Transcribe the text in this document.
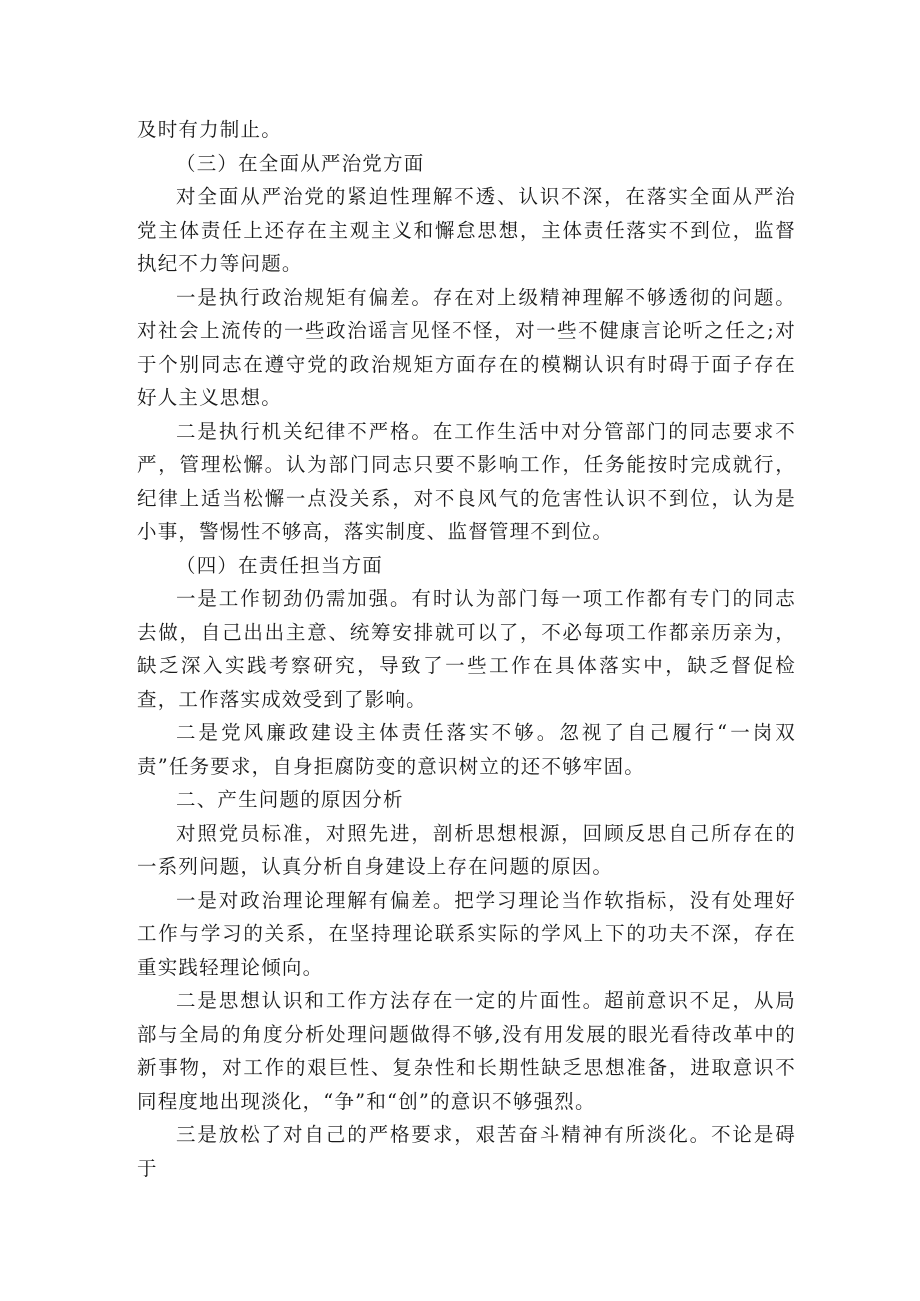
及时有力制止。

（三）在全面从严治党方面

对全面从严治党的紧迫性理解不透、认识不深，在落实全面从严治党主体责任上还存在主观主义和懈怠思想，主体责任落实不到位，监督执纪不力等问题。

一是执行政治规矩有偏差。存在对上级精神理解不够透彻的问题。对社会上流传的一些政治谣言见怪不怪，对一些不健康言论听之任之;对于个别同志在遵守党的政治规矩方面存在的模糊认识有时碍于面子存在好人主义思想。

二是执行机关纪律不严格。在工作生活中对分管部门的同志要求不严，管理松懈。认为部门同志只要不影响工作，任务能按时完成就行，纪律上适当松懈一点没关系，对不良风气的危害性认识不到位，认为是小事，警惕性不够高，落实制度、监督管理不到位。

（四）在责任担当方面

一是工作韧劲仍需加强。有时认为部门每一项工作都有专门的同志去做，自己出出主意、统筹安排就可以了，不必每项工作都亲历亲为，缺乏深入实践考察研究，导致了一些工作在具体落实中，缺乏督促检查，工作落实成效受到了影响。

二是党风廉政建设主体责任落实不够。忽视了自己履行“一岗双责”任务要求，自身拒腐防变的意识树立的还不够牢固。

二、产生问题的原因分析

对照党员标准，对照先进，剖析思想根源，回顾反思自己所存在的一系列问题，认真分析自身建设上存在问题的原因。

一是对政治理论理解有偏差。把学习理论当作软指标，没有处理好工作与学习的关系，在坚持理论联系实际的学风上下的功夫不深，存在重实践轻理论倾向。

二是思想认识和工作方法存在一定的片面性。超前意识不足，从局部与全局的角度分析处理问题做得不够,没有用发展的眼光看待改革中的新事物，对工作的艰巨性、复杂性和长期性缺乏思想准备，进取意识不同程度地出现淡化，“争”和“创”的意识不够强烈。

三是放松了对自己的严格要求，艰苦奋斗精神有所淡化。不论是碍于
